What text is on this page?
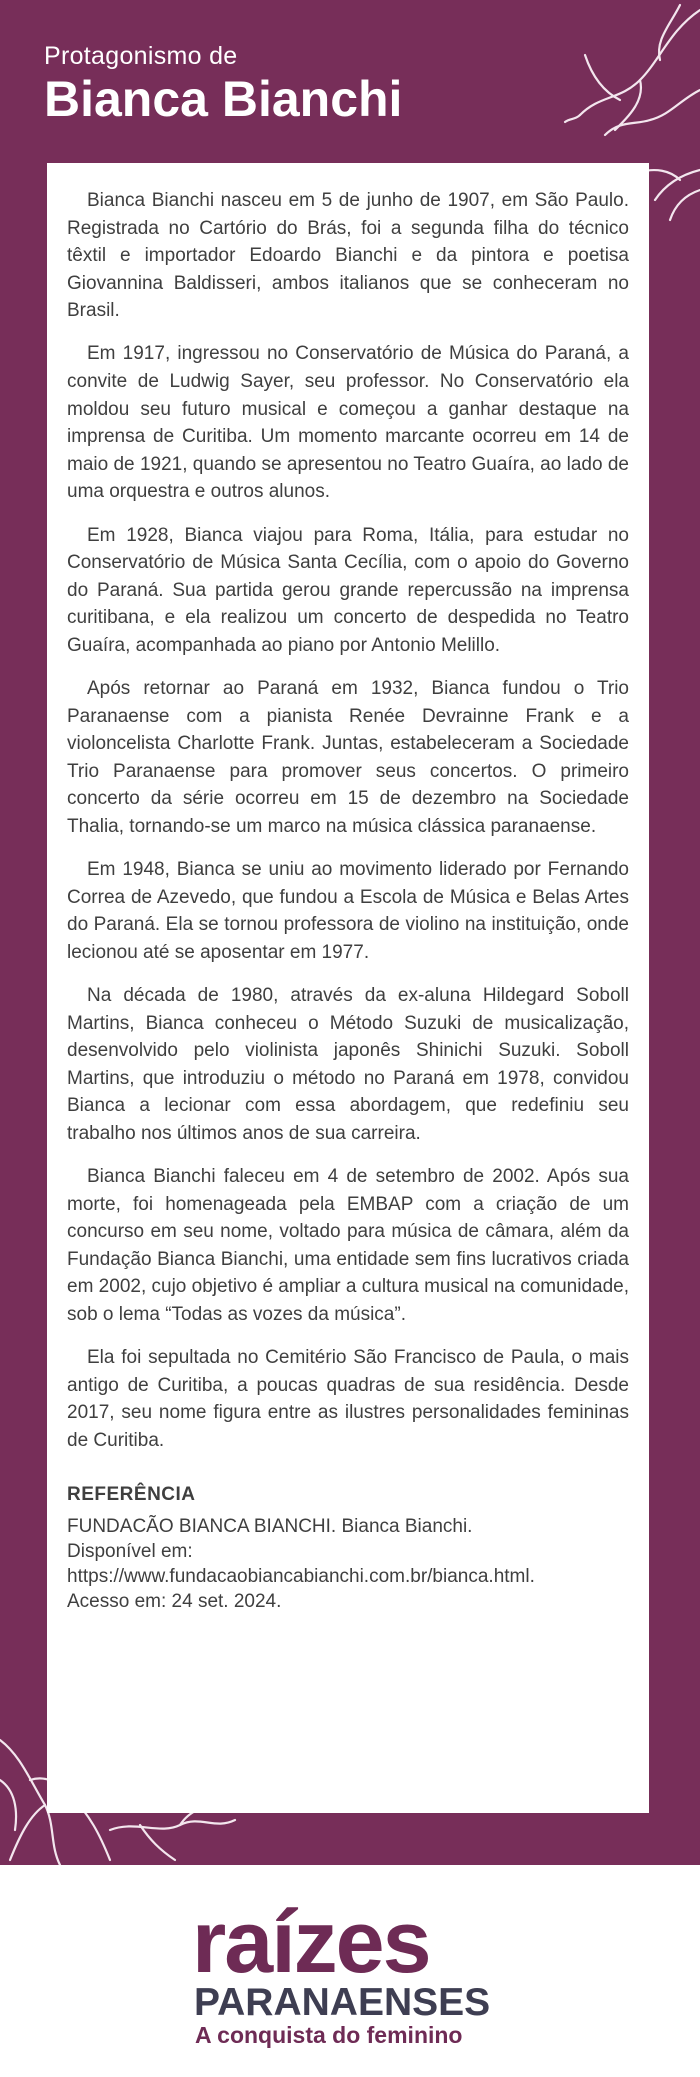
Protagonismo de

Bianca Bianchi

Bianca Bianchi nasceu em 5 de junho de 1907, em São Paulo. Registrada no Cartório do Brás, foi a segunda filha do técnico têxtil e importador Edoardo Bianchi e da pintora e poetisa Giovannina Baldisseri, ambos italianos que se conheceram no Brasil.

Em 1917, ingressou no Conservatório de Música do Paraná, a convite de Ludwig Sayer, seu professor. No Conservatório ela moldou seu futuro musical e começou a ganhar destaque na imprensa de Curitiba. Um momento marcante ocorreu em 14 de maio de 1921, quando se apresentou no Teatro Guaíra, ao lado de uma orquestra e outros alunos.

Em 1928, Bianca viajou para Roma, Itália, para estudar no Conservatório de Música Santa Cecília, com o apoio do Governo do Paraná. Sua partida gerou grande repercussão na imprensa curitibana, e ela realizou um concerto de despedida no Teatro Guaíra, acompanhada ao piano por Antonio Melillo.

Após retornar ao Paraná em 1932, Bianca fundou o Trio Paranaense com a pianista Renée Devrainne Frank e a violoncelista Charlotte Frank. Juntas, estabeleceram a Sociedade Trio Paranaense para promover seus concertos. O primeiro concerto da série ocorreu em 15 de dezembro na Sociedade Thalia, tornando-se um marco na música clássica paranaense.

Em 1948, Bianca se uniu ao movimento liderado por Fernando Correa de Azevedo, que fundou a Escola de Música e Belas Artes do Paraná. Ela se tornou professora de violino na instituição, onde lecionou até se aposentar em 1977.

Na década de 1980, através da ex-aluna Hildegard Soboll Martins, Bianca conheceu o Método Suzuki de musicalização, desenvolvido pelo violinista japonês Shinichi Suzuki. Soboll Martins, que introduziu o método no Paraná em 1978, convidou Bianca a lecionar com essa abordagem, que redefiniu seu trabalho nos últimos anos de sua carreira.

Bianca Bianchi faleceu em 4 de setembro de 2002. Após sua morte, foi homenageada pela EMBAP com a criação de um concurso em seu nome, voltado para música de câmara, além da Fundação Bianca Bianchi, uma entidade sem fins lucrativos criada em 2002, cujo objetivo é ampliar a cultura musical na comunidade, sob o lema “Todas as vozes da música”.

Ela foi sepultada no Cemitério São Francisco de Paula, o mais antigo de Curitiba, a poucas quadras de sua residência. Desde 2017, seu nome figura entre as ilustres personalidades femininas de Curitiba.

REFERÊNCIA

FUNDACÃO BIANCA BIANCHI. Bianca Bianchi.
Disponível em:
https://www.fundacaobiancabianchi.com.br/bianca.html.
Acesso em: 24 set. 2024.

raízes
PARANAENSES
A conquista do feminino
